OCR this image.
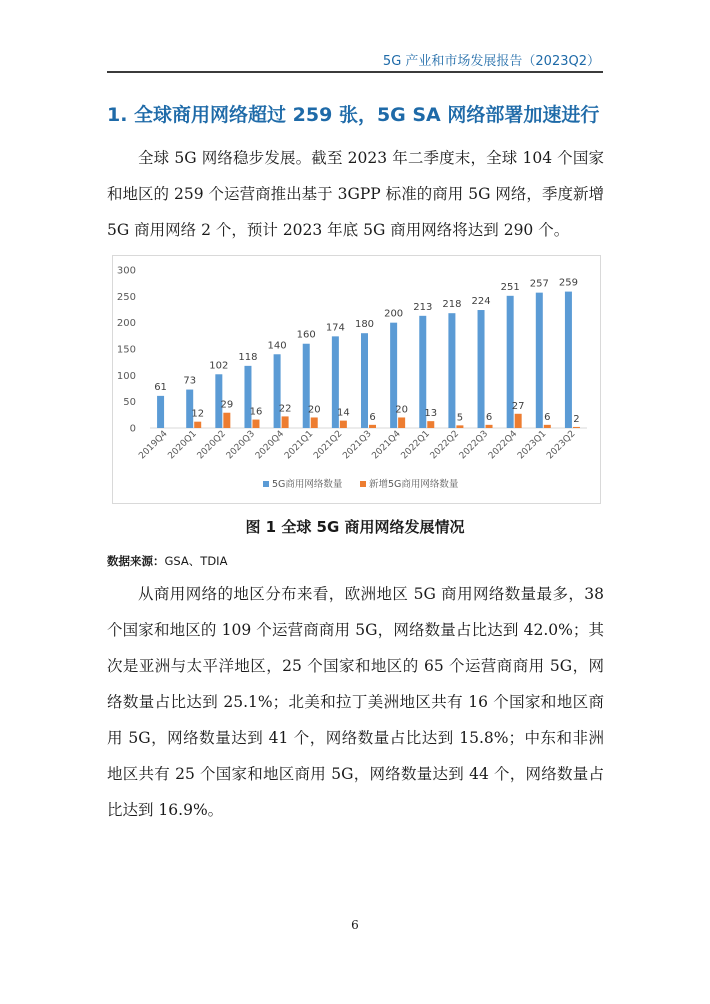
5G 产业和市场发展报告（2023Q2）
1. 全球商用网络超过 259 张，5G SA 网络部署加速进行

全球 5G 网络稳步发展。截至 2023 年二季度末，全球 104 个国家和地区的 259 个运营商推出基于 3GPP 标准的商用 5G 网络，季度新增 5G 商用网络 2 个，预计 2023 年底 5G 商用网络将达到 290 个。

0
50
100
150
200
250
300
61
2019Q4
73
12
2020Q1
102
29
2020Q2
118
16
2020Q3
140
22
2020Q4
160
20
2021Q1
174
14
2021Q2
180
6
2021Q3
200
20
2021Q4
213
13
2022Q1
218
5
2022Q2
224
6
2022Q3
251
27
2022Q4
257
6
2023Q1
259
2
2023Q2
5G商用网络数量	新增5G商用网络数量
图 1 全球 5G 商用网络发展情况
数据来源：GSA、TDIA

从商用网络的地区分布来看，欧洲地区 5G 商用网络数量最多，38 个国家和地区的 109 个运营商商用 5G，网络数量占比达到 42.0%；其次是亚洲与太平洋地区，25 个国家和地区的 65 个运营商商用 5G，网络数量占比达到 25.1%；北美和拉丁美洲地区共有 16 个国家和地区商用 5G，网络数量达到 41 个，网络数量占比达到 15.8%；中东和非洲地区共有 25 个国家和地区商用 5G，网络数量达到 44 个，网络数量占比达到 16.9%。

6
